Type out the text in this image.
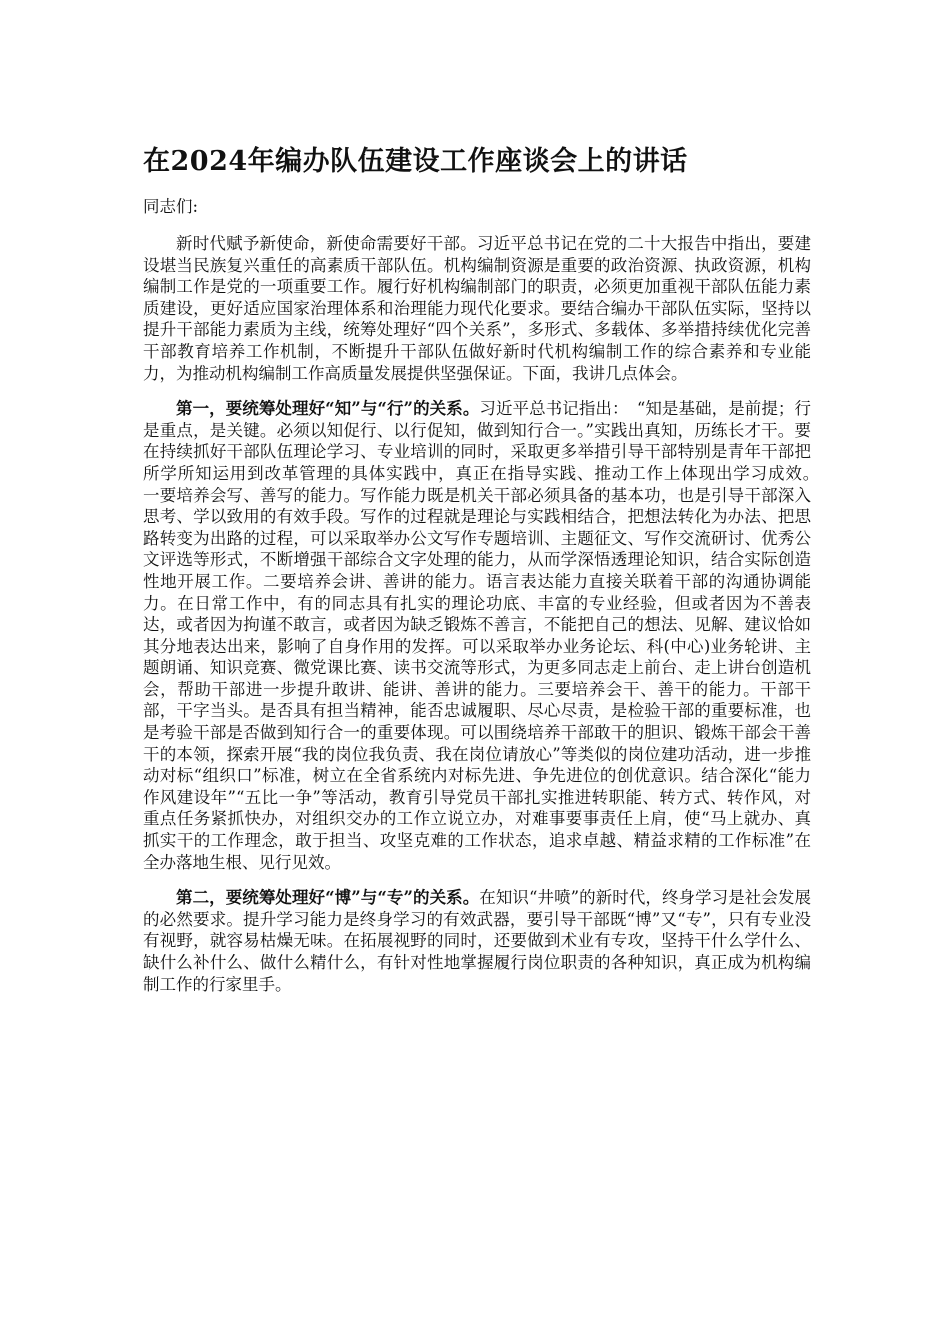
在2024年编办队伍建设工作座谈会上的讲话

同志们:

新时代赋予新使命，新使命需要好干部。习近平总书记在党的二十大报告中指出，要建设堪当民族复兴重任的高素质干部队伍。机构编制资源是重要的政治资源、执政资源，机构编制工作是党的一项重要工作。履行好机构编制部门的职责，必须更加重视干部队伍能力素质建设，更好适应国家治理体系和治理能力现代化要求。要结合编办干部队伍实际，坚持以提升干部能力素质为主线，统筹处理好“四个关系”，多形式、多载体、多举措持续优化完善干部教育培养工作机制，不断提升干部队伍做好新时代机构编制工作的综合素养和专业能力，为推动机构编制工作高质量发展提供坚强保证。下面，我讲几点体会。

第一，要统筹处理好“知”与“行”的关系。习近平总书记指出：　“知是基础，是前提；行是重点，是关键。必须以知促行、以行促知，做到知行合一。”实践出真知，历练长才干。要在持续抓好干部队伍理论学习、专业培训的同时，采取更多举措引导干部特别是青年干部把所学所知运用到改革管理的具体实践中，真正在指导实践、推动工作上体现出学习成效。　一要培养会写、善写的能力。写作能力既是机关干部必须具备的基本功，也是引导干部深入思考、学以致用的有效手段。写作的过程就是理论与实践相结合，把想法转化为办法、把思路转变为出路的过程，可以采取举办公文写作专题培训、主题征文、写作交流研讨、优秀公文评选等形式，不断增强干部综合文字处理的能力，从而学深悟透理论知识，结合实际创造性地开展工作。二要培养会讲、善讲的能力。语言表达能力直接关联着干部的沟通协调能力。在日常工作中，有的同志具有扎实的理论功底、丰富的专业经验，但或者因为不善表达，或者因为拘谨不敢言，或者因为缺乏锻炼不善言，不能把自己的想法、见解、建议恰如其分地表达出来，影响了自身作用的发挥。可以采取举办业务论坛、科(中心)业务轮讲、主题朗诵、知识竞赛、微党课比赛、读书交流等形式，为更多同志走上前台、走上讲台创造机会，帮助干部进一步提升敢讲、能讲、善讲的能力。三要培养会干、善干的能力。干部干部，干字当头。是否具有担当精神，能否忠诚履职、尽心尽责，是检验干部的重要标准，也是考验干部是否做到知行合一的重要体现。可以围绕培养干部敢干的胆识、锻炼干部会干善干的本领，探索开展“我的岗位我负责、我在岗位请放心”等类似的岗位建功活动，进一步推动对标“组织口”标准，树立在全省系统内对标先进、争先进位的创优意识。结合深化“能力作风建设年”“五比一争”等活动，教育引导党员干部扎实推进转职能、转方式、转作风，对重点任务紧抓快办，对组织交办的工作立说立办，对难事要事责任上肩，使“马上就办、真抓实干的工作理念，敢于担当、攻坚克难的工作状态，追求卓越、精益求精的工作标准”在全办落地生根、见行见效。

第二，要统筹处理好“博”与“专”的关系。在知识“井喷”的新时代，终身学习是社会发展的必然要求。提升学习能力是终身学习的有效武器，要引导干部既“博”又“专”，只有专业没有视野，就容易枯燥无味。在拓展视野的同时，还要做到术业有专攻，坚持干什么学什么、缺什么补什么、做什么精什么，有针对性地掌握履行岗位职责的各种知识，真正成为机构编制工作的行家里手。
